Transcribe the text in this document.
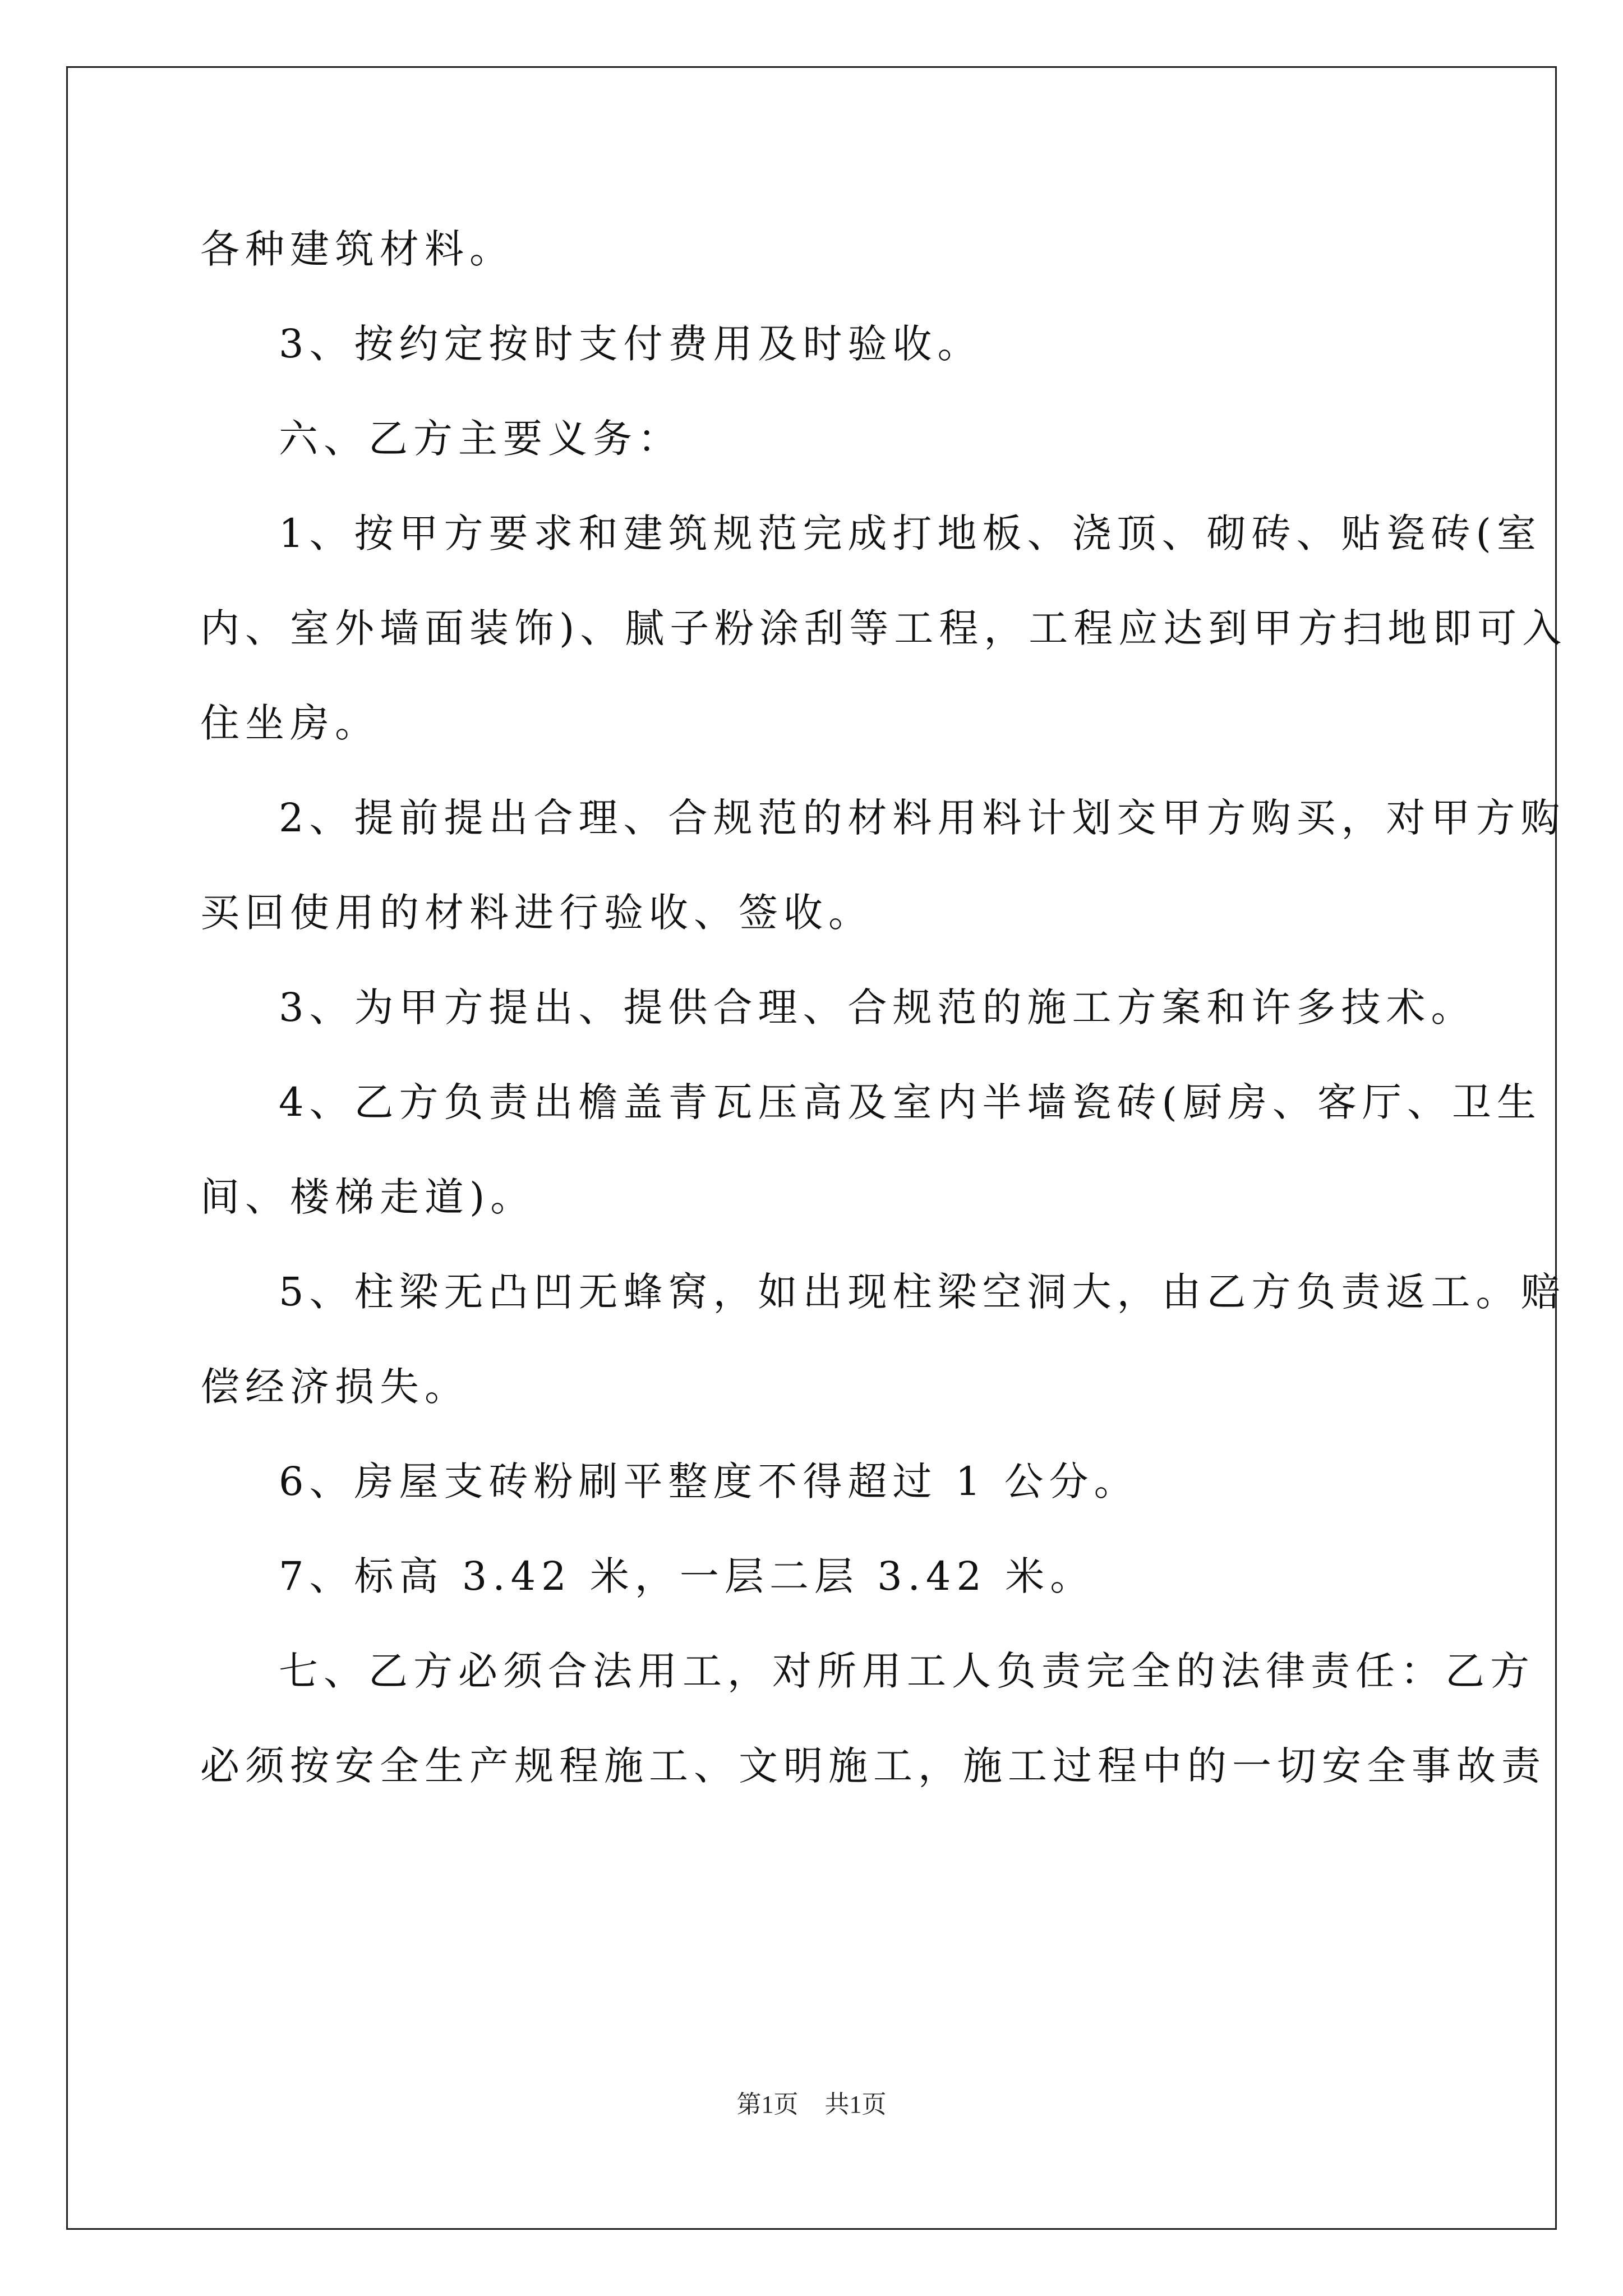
各种建筑材料。

3、按约定按时支付费用及时验收。

六、乙方主要义务：

1、按甲方要求和建筑规范完成打地板、浇顶、砌砖、贴瓷砖(室

内、室外墙面装饰)、腻子粉涂刮等工程，工程应达到甲方扫地即可入

住坐房。

2、提前提出合理、合规范的材料用料计划交甲方购买，对甲方购

买回使用的材料进行验收、签收。

3、为甲方提出、提供合理、合规范的施工方案和许多技术。

4、乙方负责出檐盖青瓦压高及室内半墙瓷砖(厨房、客厅、卫生

间、楼梯走道)。

5、柱梁无凸凹无蜂窝，如出现柱梁空洞大，由乙方负责返工。赔

偿经济损失。

6、房屋支砖粉刷平整度不得超过 1 公分。

7、标高 3.42 米，一层二层 3.42 米。

七、乙方必须合法用工，对所用工人负责完全的法律责任：乙方

必须按安全生产规程施工、文明施工，施工过程中的一切安全事故责

第1页 共1页
